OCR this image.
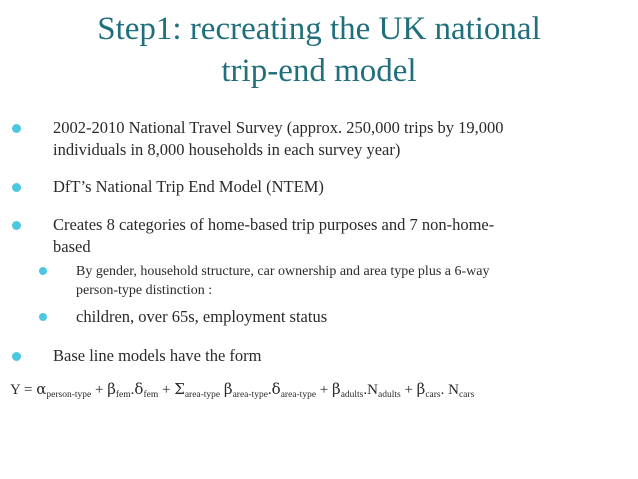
Step1: recreating the UK national
trip-end model
2002-2010 National Travel Survey (approx. 250,000 trips by 19,000
individuals in 8,000 households in each survey year)
DfT’s National Trip End Model (NTEM)
Creates 8 categories of home-based trip purposes and 7 non-home-
based
By gender, household structure, car ownership and area type plus a 6-way
person-type distinction :
children, over 65s, employment status
Base line models have the form
$Y = \alpha_{person-type} + \beta_{fem}.\delta_{fem} + \Sigma_{area-type}$ $\beta_{area-type}.\delta_{area-type} + \beta_{adults}.N_{adults} + \beta_{cars}$. $N_{cars}$
